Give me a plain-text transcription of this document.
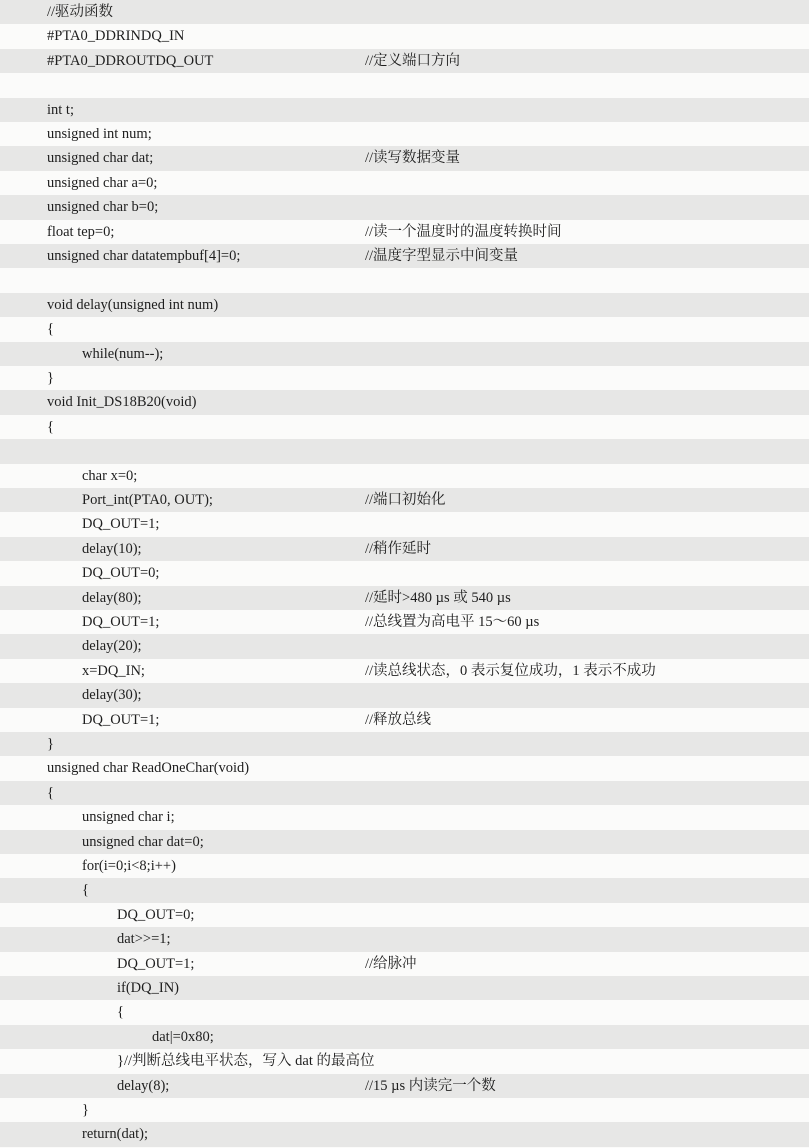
//驱动函数
#PTA0_DDRINDQ_IN
#PTA0_DDROUTDQ_OUT	//定义端口方向
int t;
unsigned int num;
unsigned char dat;	//读写数据变量
unsigned char a=0;
unsigned char b=0;
float tep=0;	//读一个温度时的温度转换时间
unsigned char datatempbuf[4]=0;	//温度字型显示中间变量
void delay(unsigned int num)
{
while(num--);
}
void Init_DS18B20(void)
{
char x=0;
Port_int(PTA0, OUT);	//端口初始化
DQ_OUT=1;
delay(10);	//稍作延时
DQ_OUT=0;
delay(80);	//延时>480 µs 或 540 µs
DQ_OUT=1;	//总线置为高电平 15～60 µs
delay(20);
x=DQ_IN;	//读总线状态，0 表示复位成功，1 表示不成功
delay(30);
DQ_OUT=1;	//释放总线
}
unsigned char ReadOneChar(void)
{
unsigned char i;
unsigned char dat=0;
for(i=0;i<8;i++)
{
DQ_OUT=0;
dat>>=1;
DQ_OUT=1;	//给脉冲
if(DQ_IN)
{
dat|=0x80;
}//判断总线电平状态，写入 dat 的最高位
delay(8);	//15 µs 内读完一个数
}
return(dat);
